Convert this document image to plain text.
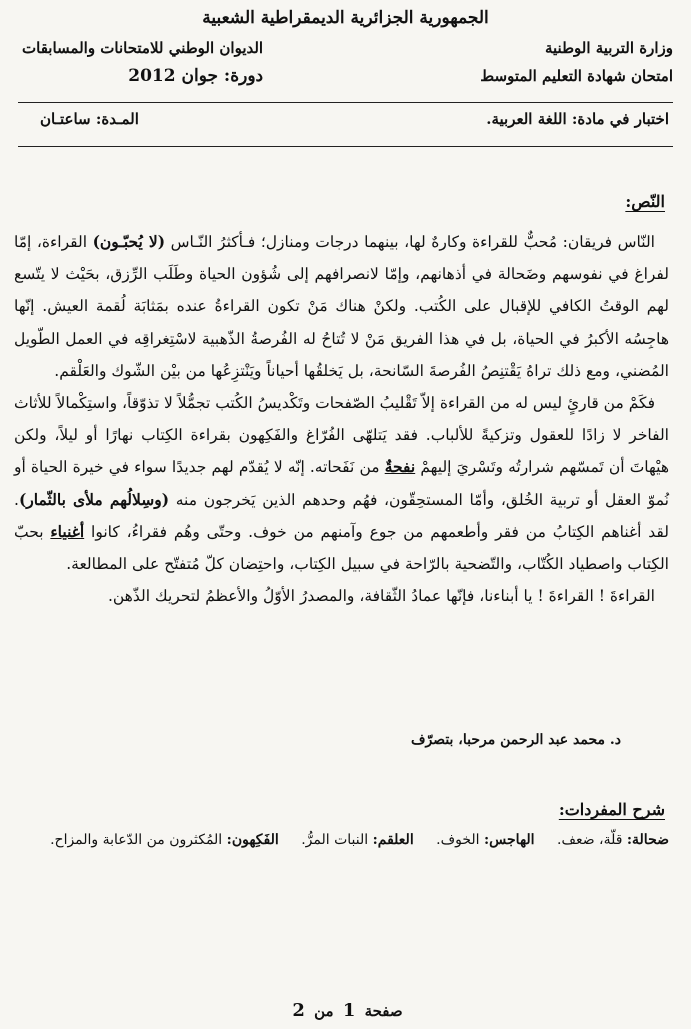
الجمهورية الجزائرية الديمقراطية الشعبية
وزارة التربية الوطنية
امتحان شهادة التعليم المتوسط
الديوان الوطني للامتحانات والمسابقات
دورة: جوان 2012
اختبار في مادة: اللغة العربية.
المـدة: ساعتـان
النّص:

النّاس فريقان: مُحبٌّ للقراءة وكارهٌ لها، بينهما درجات ومنازل؛ فـأكثرُ النّـاس (لا يُحبّـون) القراءة، إمّا لفراغ في نفوسهم وضَحالة في أذهانهم، وإمّا لانصرافهم إلى شُؤون الحياة وطَلَب الرِّزق، بحَيْث لا يتّسع لهم الوقتُ الكافي للإقبال على الكُتب. ولكنْ هناك مَنْ تكون القراءةُ عنده بمَثابَة لُقمة العيش. إنّها هاجِسُه الأكبرُ في الحياة، بل في هذا الفريق مَنْ لا تُتاحُ له الفُرصةُ الذّهبية لاسْتِغراقِه في العمل الطّويل المُضني، ومع ذلك تراهُ يَقْتنِصُ الفُرصةَ السّانحة، بل يَخلقُها أحياناً ويَنْتزِعُها من بيْن الشّوك والعَلْقم.

فكَمْ من قارئٍ ليس له من القراءة إلاّ تَقْليبُ الصّفحات وتَكْديسُ الكُتب تجمُّلاً لا تذوّقاً، واستِكْمالاً للأثاث الفاخر لا زادًا للعقول وتزكيةً للألباب. فقد يَتلهّى الفُرّاغ والفَكِهون بقراءة الكِتاب نهارًا أو ليلاً، ولكن هيْهاتَ أن تَمسّهم شرارتُه وتَسْريَ إليهمْ نفحةٌ من نَفَحاته. إنّه لا يُقدّم لهم جديدًا سواء في خيرة الحياة أو نُموّ العقل أو تربية الخُلق، وأمّا المستحِقّون، فهُم وحدهم الذين يَخرجون منه (وسِلالُهم ملأى بالثّمار). لقد أغناهم الكِتابُ من فقر وأطعمهم من جوع وآمنهم من خوف. وحتّى وهُم فقراءُ، كانوا أغنياء بحبّ الكِتاب واصطياد الكُتّاب، والتّضحية بالرّاحة في سبيل الكِتاب، واحتِضان كلّ مُتفتّح على المطالعة.

القراءةَ ! القراءةَ ! يا أبناءنا، فإنّها عمادُ الثّقافة، والمصدرُ الأوّلُ والأعظمُ لتحريك الذّهن.

د. محمد عبد الرحمن مرحبا، بتصرّف
شرح المفردات:
ضحالة: قلّة، ضعف. الهاجس: الخوف. العلقم: النبات المرُّ. الفَكِهون: المُكثرون من الدّعابة والمزاح.
صفحة 1 من 2
